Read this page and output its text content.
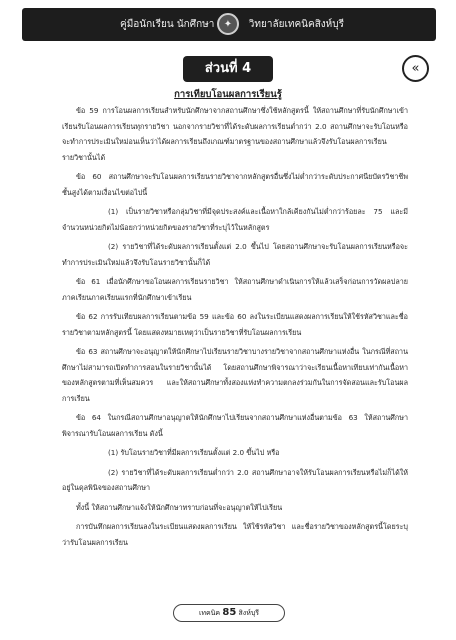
คู่มือนักเรียน นักศึกษา ✦	วิทยาลัยเทคนิคสิงห์บุรี
ส่วนที่ 4	«
การเทียบโอนผลการเรียนรู้

ข้อ 59 การโอนผลการเรียนสำหรับนักศึกษาจากสถานศึกษาซึ่งใช้หลักสูตรนี้ ให้สถานศึกษาที่รับนักศึกษาเข้าเรียนรับโอนผลการเรียนทุกรายวิชา นอกจากรายวิชาที่ได้ระดับผลการเรียนต่ำกว่า 2.0 สถานศึกษาจะรับโอนหรือจะทำการประเมินใหม่อนเห็นว่าได้ผลการเรียนถึงเกณฑ์มาตรฐานของสถานศึกษาแล้วจึงรับโอนผลการเรียนรายวิชานั้นได้

ข้อ 60 สถานศึกษาจะรับโอนผลการเรียนรายวิชาจากหลักสูตรอื่นซึ่งไม่ต่ำกว่าระดับประกาศนียบัตรวิชาชีพชั้นสูงได้ตามเงื่อนไขต่อไปนี้

(1) เป็นรายวิชาหรือกลุ่มวิชาที่มีจุดประสงค์และเนื้อหาใกล้เคียงกันไม่ต่ำกว่าร้อยละ 75 และมีจำนวนหน่วยกิตไม่น้อยกว่าหน่วยกิตของรายวิชาที่ระบุไว้ในหลักสูตร

(2) รายวิชาที่ได้ระดับผลการเรียนตั้งแต่ 2.0 ขึ้นไป โดยสถานศึกษาจะรับโอนผลการเรียนหรือจะทำการประเมินใหม่แล้วจึงรับโอนรายวิชานั้นก็ได้

ข้อ 61 เมื่อนักศึกษาขอโอนผลการเรียนรายวิชา ให้สถานศึกษาดำเนินการให้แล้วเสร็จก่อนการวัดผลปลายภาคเรียนภาคเรียนแรกที่นักศึกษาเข้าเรียน

ข้อ 62 การรับเทียบผลการเรียนตามข้อ 59 และข้อ 60 ลงในระเบียนแสดงผลการเรียนให้ใช้รหัสวิชาและชื่อรายวิชาตามหลักสูตรนี้ โดยแสดงหมายเหตุว่าเป็นรายวิชาที่รับโอนผลการเรียน

ข้อ 63 สถานศึกษาจะอนุญาตให้นักศึกษาไปเรียนรายวิชาบางรายวิชาจากสถานศึกษาแห่งอื่น ในกรณีที่สถานศึกษาไม่สามารถเปิดทำการสอนในรายวิชานั้นได้ โดยสถานศึกษาพิจารณาว่าจะเรียนเนื้อหาเทียบเท่ากันเนื้อหาของหลักสูตรตามที่เห็นสมควร และให้สถานศึกษาทั้งสองแห่งทำความตกลงร่วมกันในการจัดสอนและรับโอนผลการเรียน

ข้อ 64 ในกรณีสถานศึกษาอนุญาตให้นักศึกษาไปเรียนจากสถานศึกษาแห่งอื่นตามข้อ 63 ให้สถานศึกษาพิจารณารับโอนผลการเรียน ดังนี้

(1) รับโอนรายวิชาที่มีผลการเรียนตั้งแต่ 2.0 ขึ้นไป หรือ

(2) รายวิชาที่ได้ระดับผลการเรียนต่ำกว่า 2.0 สถานศึกษาอาจให้รับโอนผลการเรียนหรือไม่ก็ได้ให้อยู่ในดุลพินิจของสถานศึกษา

ทั้งนี้ ให้สถานศึกษาแจ้งให้นักศึกษาทราบก่อนที่จะอนุญาตให้ไปเรียน

การบันทึกผลการเรียนลงในระเบียนแสดงผลการเรียน ให้ใช้รหัสวิชา และชื่อรายวิชาของหลักสูตรนี้โดยระบุว่ารับโอนผลการเรียน

เทคนิค 85 สิงห์บุรี
